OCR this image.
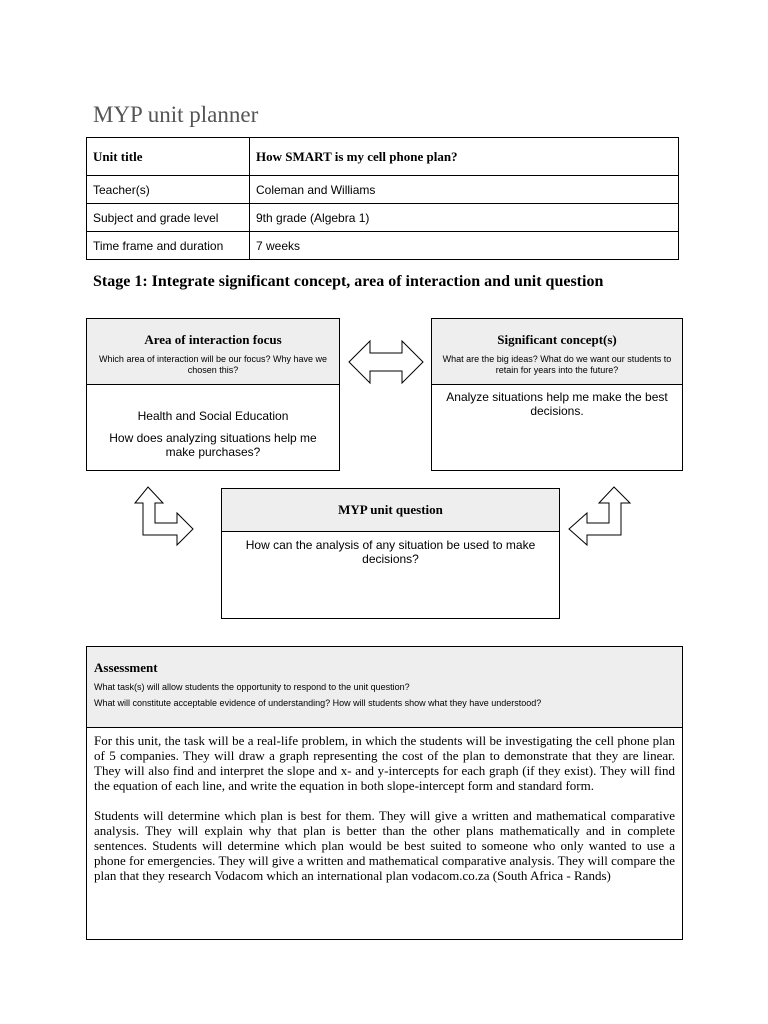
MYP unit planner
Unit title	How SMART is my cell phone plan?
Teacher(s)	Coleman and Williams
Subject and grade level	9th grade (Algebra 1)
Time frame and duration	7 weeks
Stage 1: Integrate significant concept, area of interaction and unit question
Area of interaction focus
Which area of interaction will be our focus? Why have we chosen this?

Health and Social Education

How does analyzing situations help me make purchases?

Significant concept(s)
What are the big ideas? What do we want our students to retain for years into the future?
Analyze situations help me make the best decisions.
MYP unit question
How can the analysis of any situation be used to make decisions?
Assessment
What task(s) will allow students the opportunity to respond to the unit question?
What will constitute acceptable evidence of understanding? How will students show what they have understood?

For this unit, the task will be a real-life problem, in which the students will be investigating the cell phone plan of 5 companies. They will draw a graph representing the cost of the plan to demonstrate that they are linear. They will also find and interpret the slope and x- and y-intercepts for each graph (if they exist). They will find the equation of each line, and write the equation in both slope-intercept form and standard form.

Students will determine which plan is best for them. They will give a written and mathematical comparative analysis. They will explain why that plan is better than the other plans mathematically and in complete sentences. Students will determine which plan would be best suited to someone who only wanted to use a phone for emergencies. They will give a written and mathematical comparative analysis. They will compare the plan that they research Vodacom which an international plan vodacom.co.za (South Africa - Rands)
